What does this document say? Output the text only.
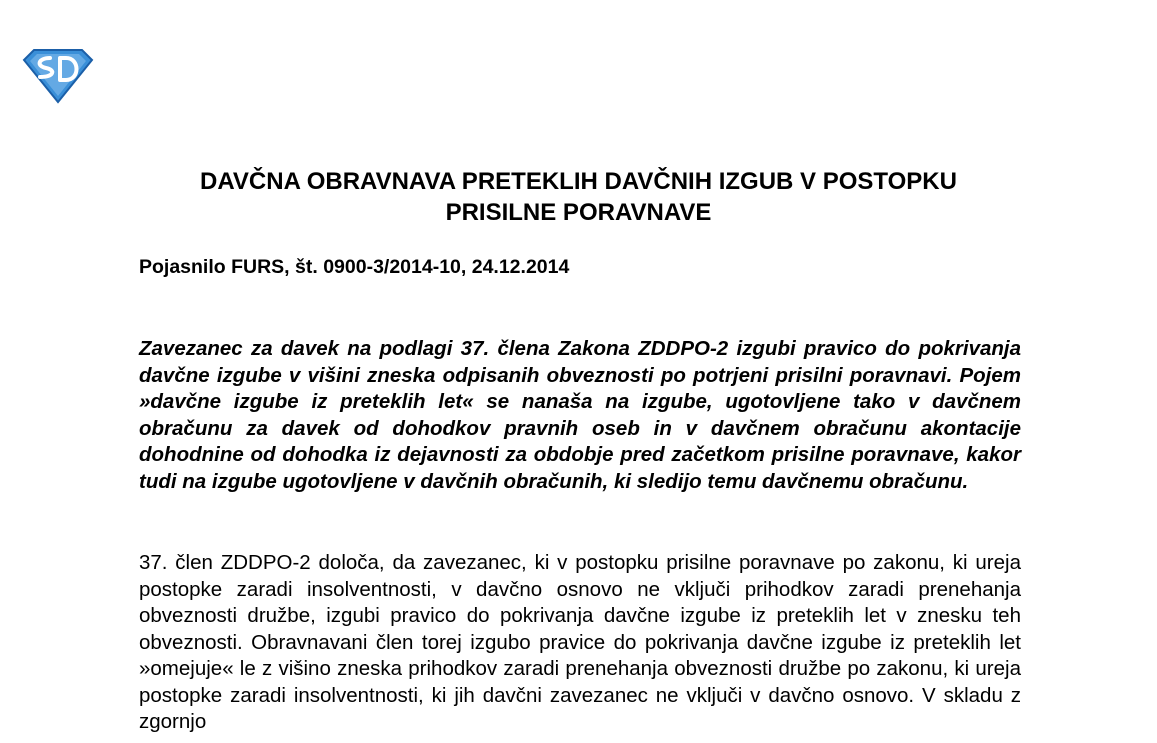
DAVČNA OBRAVNAVA PRETEKLIH DAVČNIH IZGUB V POSTOPKU
PRISILNE PORAVNAVE

Pojasnilo FURS, št. 0900-3/2014-10, 24.12.2014

Zavezanec za davek na podlagi 37. člena Zakona ZDDPO-2 izgubi pravico do pokrivanja davčne izgube v višini zneska odpisanih obveznosti po potrjeni prisilni poravnavi. Pojem »davčne izgube iz preteklih let« se nanaša na izgube, ugotovljene tako v davčnem obračunu za davek od dohodkov pravnih oseb in v davčnem obračunu akontacije dohodnine od dohodka iz dejavnosti za obdobje pred začetkom prisilne poravnave, kakor tudi na izgube ugotovljene v davčnih obračunih, ki sledijo temu davčnemu obračunu.

37. člen ZDDPO-2 določa, da zavezanec, ki v postopku prisilne poravnave po zakonu, ki ureja postopke zaradi insolventnosti, v davčno osnovo ne vključi prihodkov zaradi prenehanja obveznosti družbe, izgubi pravico do pokrivanja davčne izgube iz preteklih let v znesku teh obveznosti. Obravnavani člen torej izgubo pravice do pokrivanja davčne izgube iz preteklih let »omejuje« le z višino zneska prihodkov zaradi prenehanja obveznosti družbe po zakonu, ki ureja postopke zaradi insolventnosti, ki jih davčni zavezanec ne vključi v davčno osnovo. V skladu z zgornjo
